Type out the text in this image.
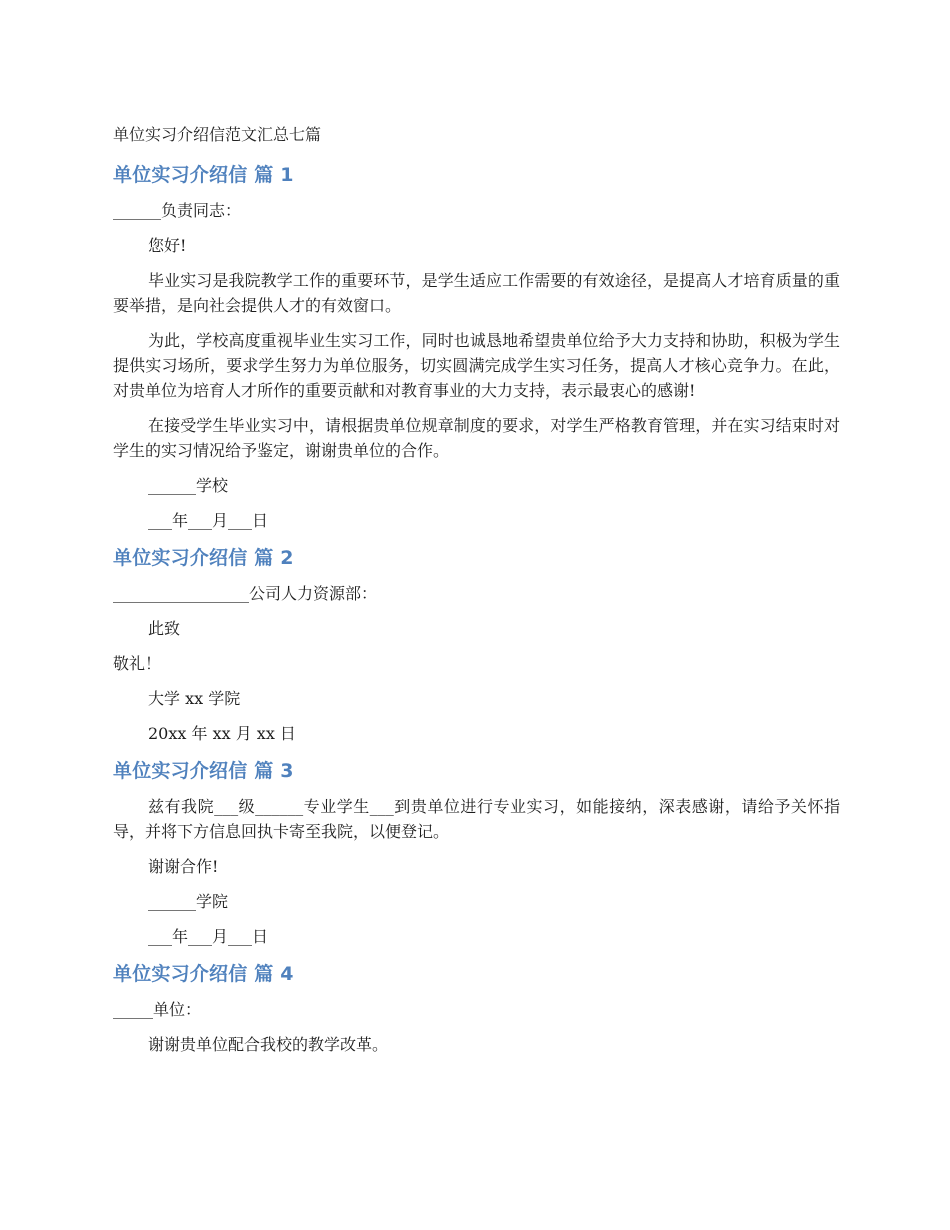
单位实习介绍信范文汇总七篇
单位实习介绍信 篇 1
______负责同志：
您好!
毕业实习是我院教学工作的重要环节，是学生适应工作需要的有效途径，是提高人才培育质量的重要举措，是向社会提供人才的有效窗口。
为此，学校高度重视毕业生实习工作，同时也诚恳地希望贵单位给予大力支持和协助，积极为学生提供实习场所，要求学生努力为单位服务，切实圆满完成学生实习任务，提高人才核心竞争力。在此，对贵单位为培育人才所作的重要贡献和对教育事业的大力支持，表示最衷心的感谢!
在接受学生毕业实习中，请根据贵单位规章制度的要求，对学生严格教育管理，并在实习结束时对学生的实习情况给予鉴定，谢谢贵单位的合作。
______学校
___年___月___日
单位实习介绍信 篇 2
_________________公司人力资源部：
此致
敬礼！
大学 xx 学院
20xx 年 xx 月 xx 日
单位实习介绍信 篇 3
兹有我院___级______专业学生___到贵单位进行专业实习，如能接纳，深表感谢，请给予关怀指导，并将下方信息回执卡寄至我院，以便登记。
谢谢合作!
______学院
___年___月___日
单位实习介绍信 篇 4
_____单位：
谢谢贵单位配合我校的教学改革。
